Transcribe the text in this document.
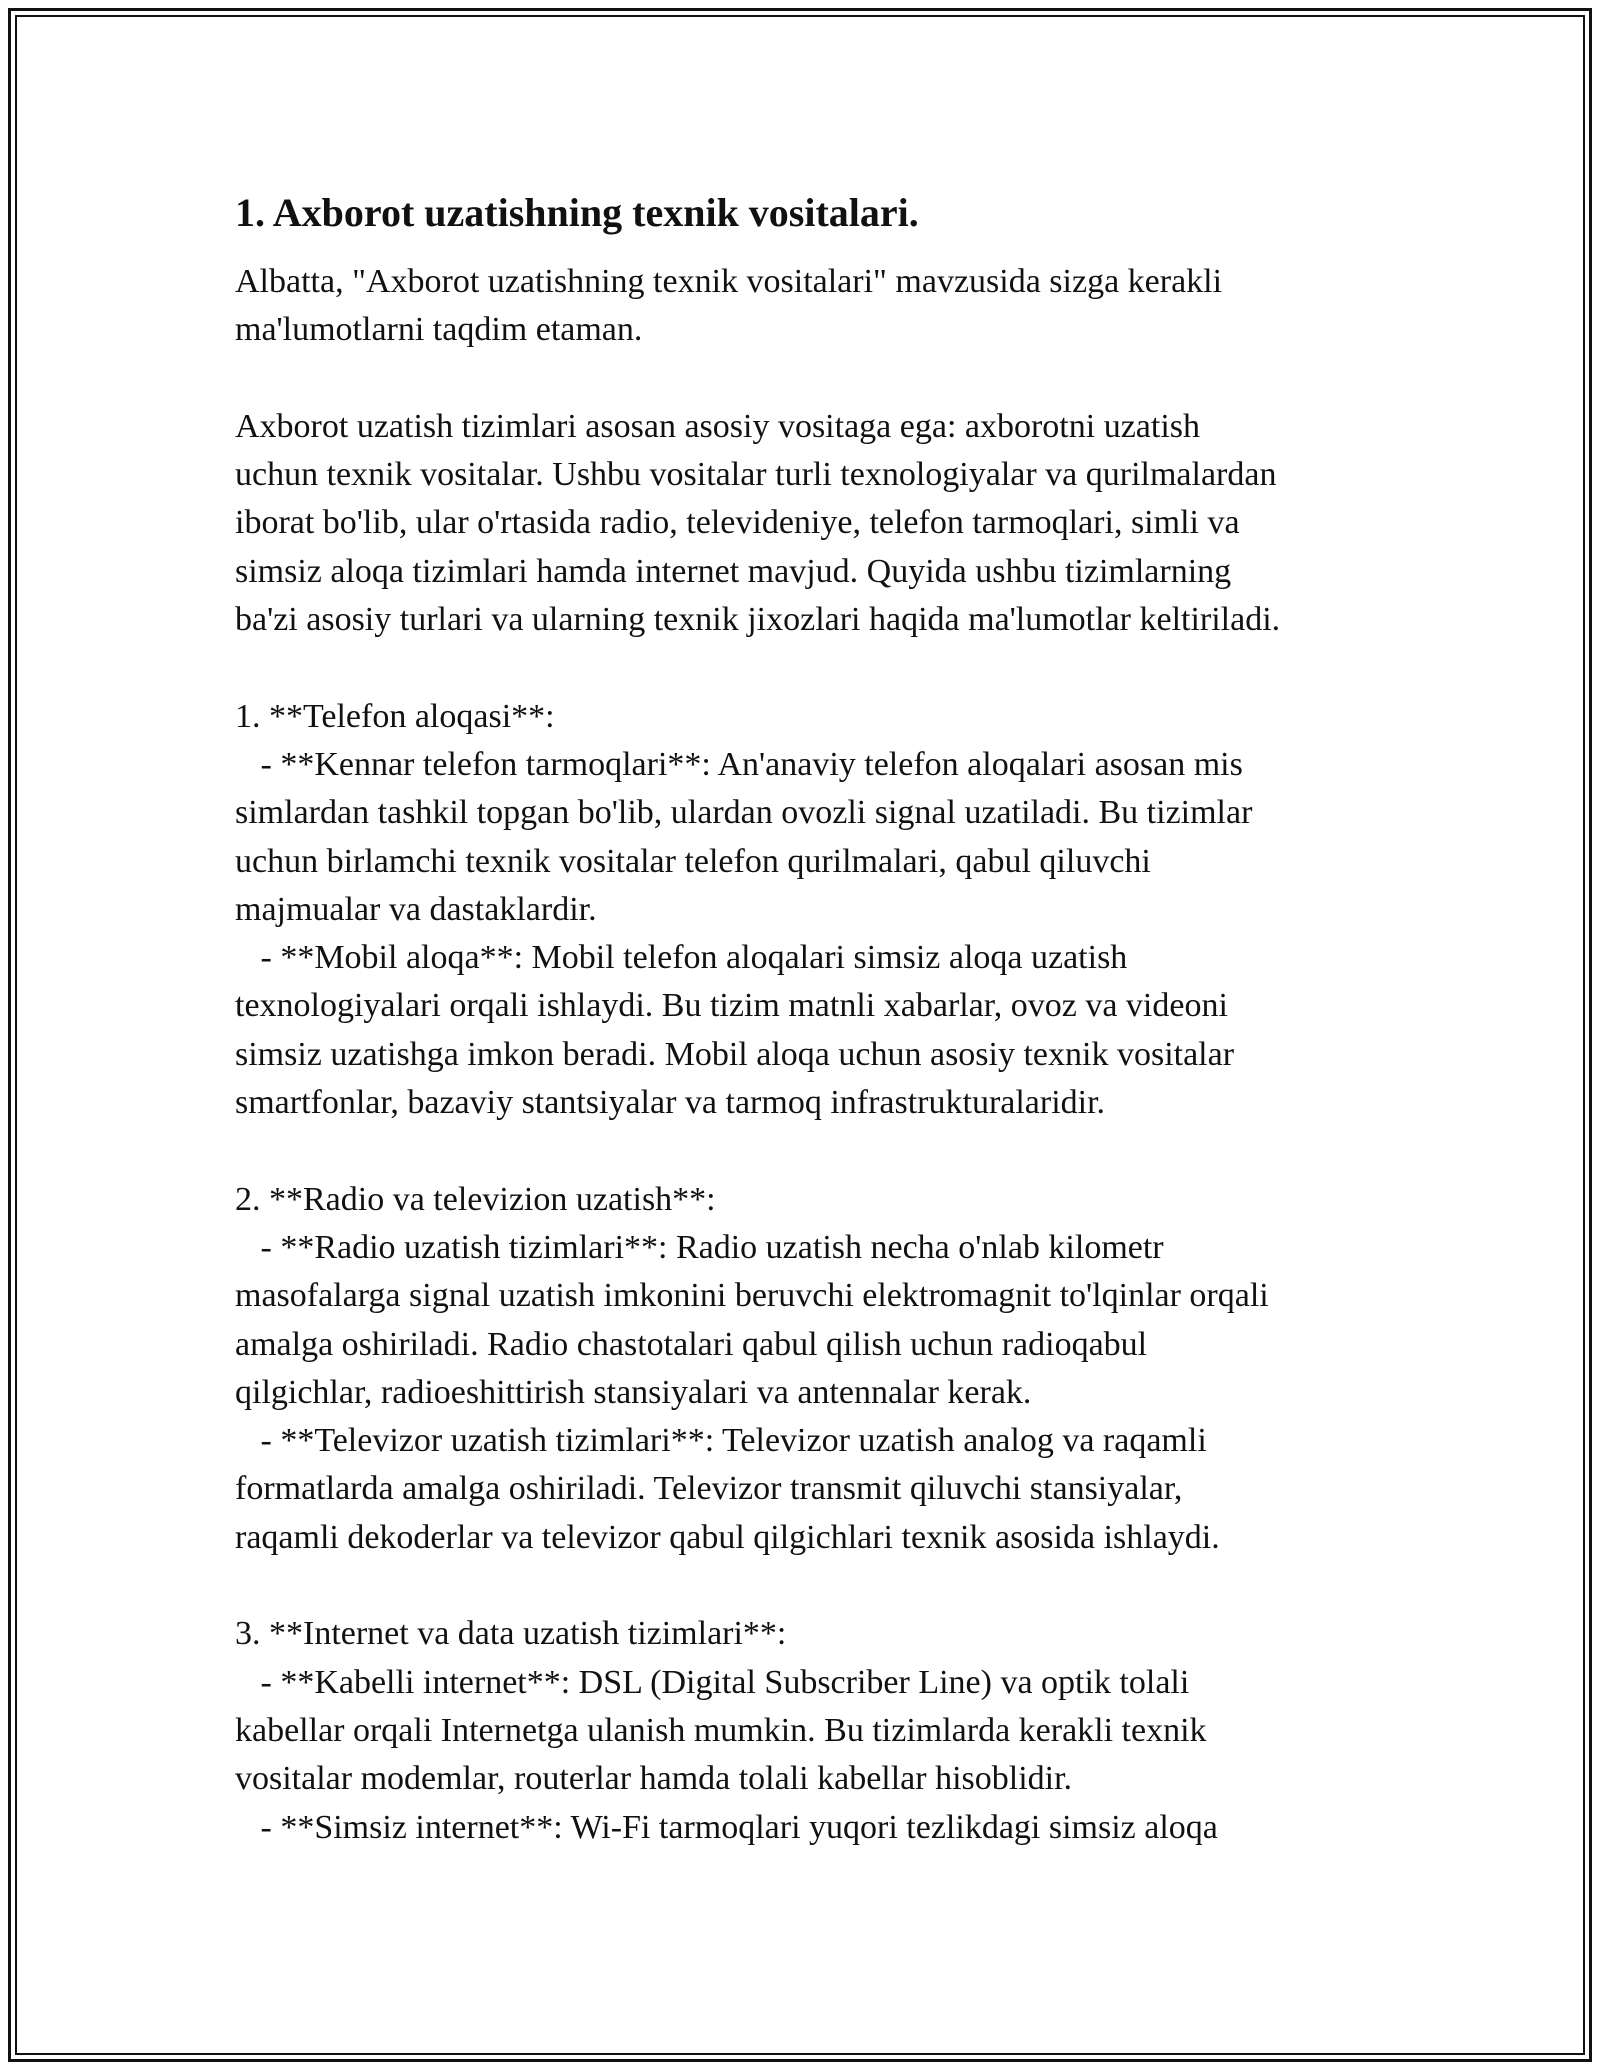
1. Axborot uzatishning texnik vositalari.

Albatta, "Axborot uzatishning texnik vositalari" mavzusida sizga kerakli

ma'lumotlarni taqdim etaman.

Axborot uzatish tizimlari asosan asosiy vositaga ega: axborotni uzatish

uchun texnik vositalar. Ushbu vositalar turli texnologiyalar va qurilmalardan

iborat bo'lib, ular o'rtasida radio, televideniye, telefon tarmoqlari, simli va

simsiz aloqa tizimlari hamda internet mavjud. Quyida ushbu tizimlarning

ba'zi asosiy turlari va ularning texnik jixozlari haqida ma'lumotlar keltiriladi.

1. **Telefon aloqasi**:

- **Kennar telefon tarmoqlari**: An'anaviy telefon aloqalari asosan mis

simlardan tashkil topgan bo'lib, ulardan ovozli signal uzatiladi. Bu tizimlar

uchun birlamchi texnik vositalar telefon qurilmalari, qabul qiluvchi

majmualar va dastaklardir.

- **Mobil aloqa**: Mobil telefon aloqalari simsiz aloqa uzatish

texnologiyalari orqali ishlaydi. Bu tizim matnli xabarlar, ovoz va videoni

simsiz uzatishga imkon beradi. Mobil aloqa uchun asosiy texnik vositalar

smartfonlar, bazaviy stantsiyalar va tarmoq infrastrukturalaridir.

2. **Radio va televizion uzatish**:

- **Radio uzatish tizimlari**: Radio uzatish necha o'nlab kilometr

masofalarga signal uzatish imkonini beruvchi elektromagnit to'lqinlar orqali

amalga oshiriladi. Radio chastotalari qabul qilish uchun radioqabul

qilgichlar, radioeshittirish stansiyalari va antennalar kerak.

- **Televizor uzatish tizimlari**: Televizor uzatish analog va raqamli

formatlarda amalga oshiriladi. Televizor transmit qiluvchi stansiyalar,

raqamli dekoderlar va televizor qabul qilgichlari texnik asosida ishlaydi.

3. **Internet va data uzatish tizimlari**:

- **Kabelli internet**: DSL (Digital Subscriber Line) va optik tolali

kabellar orqali Internetga ulanish mumkin. Bu tizimlarda kerakli texnik

vositalar modemlar, routerlar hamda tolali kabellar hisoblidir.

- **Simsiz internet**: Wi-Fi tarmoqlari yuqori tezlikdagi simsiz aloqa
